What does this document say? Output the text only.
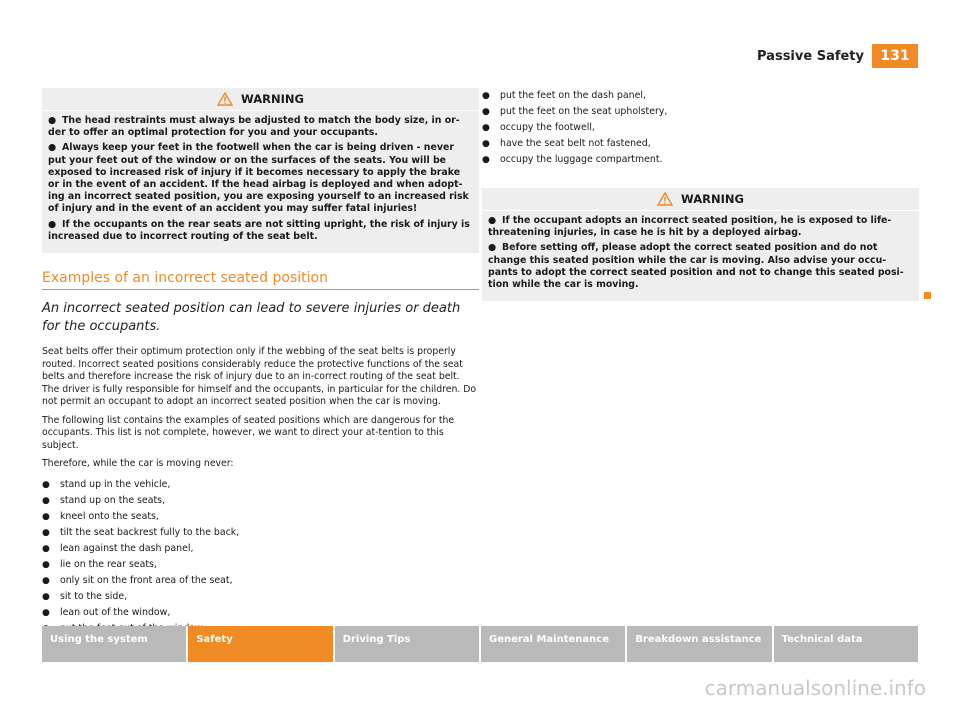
Passive Safety	131
WARNING

● The head restraints must always be adjusted to match the body size, in or-der to offer an optimal protection for you and your occupants.

● Always keep your feet in the footwell when the car is being driven - never put your feet out of the window or on the surfaces of the seats. You will be exposed to increased risk of injury if it becomes necessary to apply the brake or in the event of an accident. If the head airbag is deployed and when adopt-ing an incorrect seated position, you are exposing yourself to an increased risk of injury and in the event of an accident you may suffer fatal injuries!

● If the occupants on the rear seats are not sitting upright, the risk of injury is increased due to incorrect routing of the seat belt.

Examples of an incorrect seated position
An incorrect seated position can lead to severe injuries or death for the occupants.

Seat belts offer their optimum protection only if the webbing of the seat belts is properly routed. Incorrect seated positions considerably reduce the protective functions of the seat belts and therefore increase the risk of injury due to an in-correct routing of the seat belt. The driver is fully responsible for himself and the occupants, in particular for the children. Do not permit an occupant to adopt an incorrect seated position when the car is moving.

The following list contains the examples of seated positions which are dangerous for the occupants. This list is not complete, however, we want to direct your at-tention to this subject.

Therefore, while the car is moving never:

●	stand up in the vehicle,
●	stand up on the seats,
●	kneel onto the seats,
●	tilt the seat backrest fully to the back,
●	lean against the dash panel,
●	lie on the rear seats,
●	only sit on the front area of the seat,
●	sit to the side,
●	lean out of the window,
●	put the feet on the dash panel,
●	put the feet on the seat upholstery,
●	occupy the footwell,
●	have the seat belt not fastened,
●	occupy the luggage compartment.
WARNING

● If the occupant adopts an incorrect seated position, he is exposed to life-threatening injuries, in case he is hit by a deployed airbag.

● Before setting off, please adopt the correct seated position and do not change this seated position while the car is moving. Also advise your occu-pants to adopt the correct seated position and not to change this seated posi-tion while the car is moving.

Using the system	Safety	Driving Tips	General Maintenance	Breakdown assistance	Technical data
carmanualsonline.info
